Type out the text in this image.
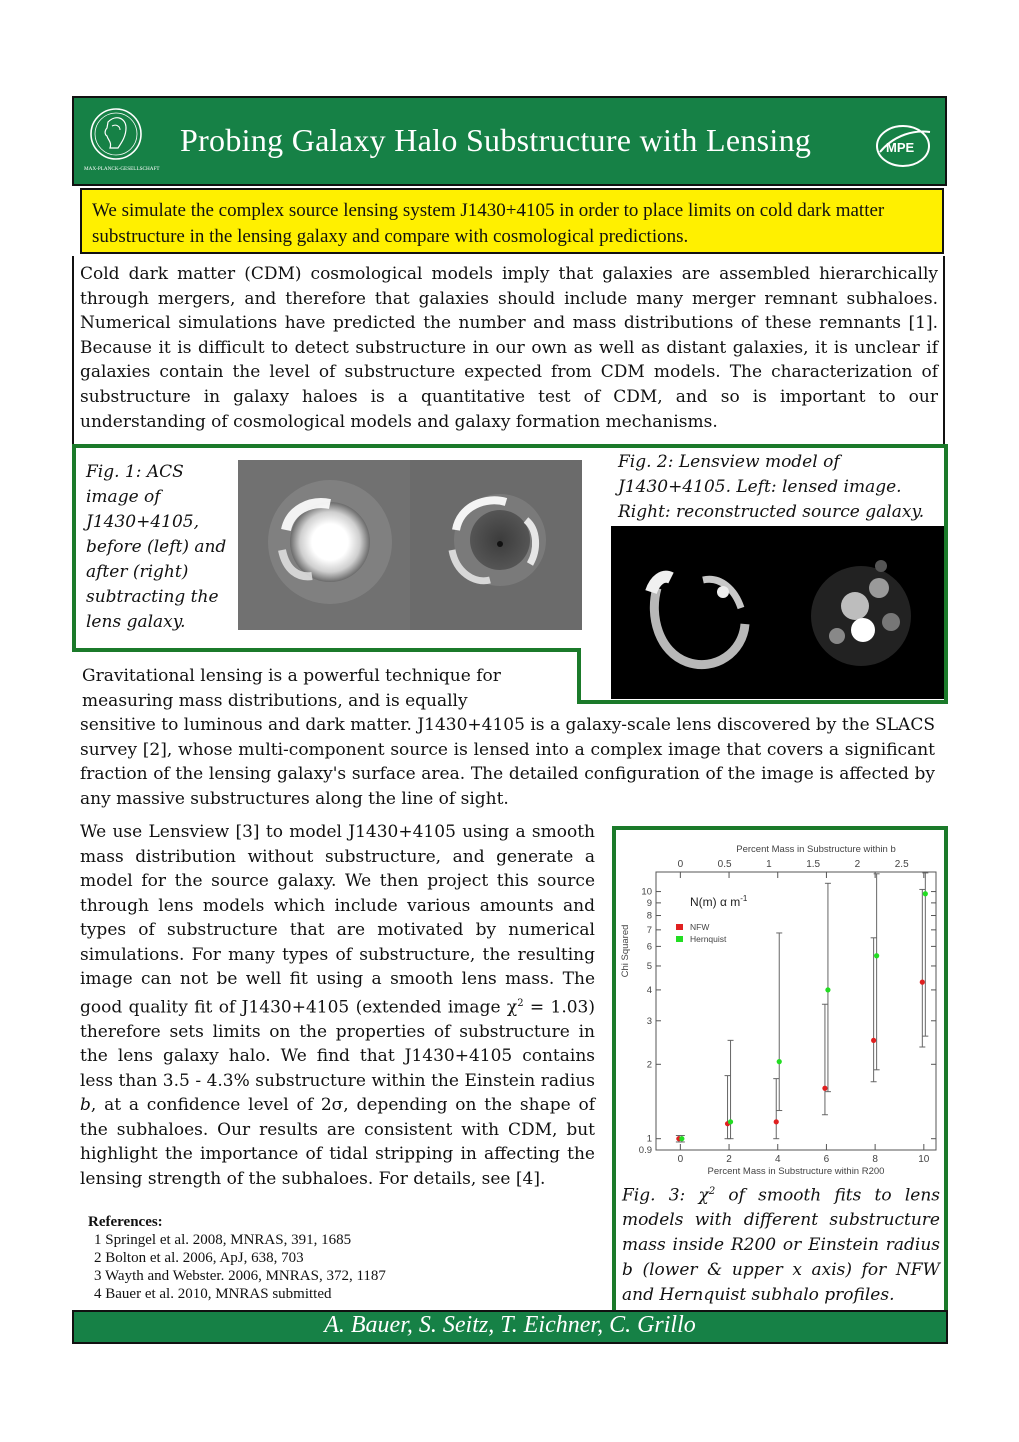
MAX-PLANCK-GESELLSCHAFT
Probing Galaxy Halo Substructure with Lensing	MPE
We simulate the complex source lensing system J1430+4105 in order to place limits on cold dark matter substructure in the lensing galaxy and compare with cosmological predictions.
Cold dark matter (CDM) cosmological models imply that galaxies are assembled hierarchically through mergers, and therefore that galaxies should include many merger remnant subhaloes. Numerical simulations have predicted the number and mass distributions of these remnants [1]. Because it is difficult to detect substructure in our own as well as distant galaxies, it is unclear if galaxies contain the level of substructure expected from CDM models. The characterization of substructure in galaxy haloes is a quantitative test of CDM, and so is important to our understanding of cosmological models and galaxy formation mechanisms.
Fig. 1: ACS image of J1430+4105, before (left) and after (right) subtracting the lens galaxy.
Fig. 2: Lensview model of J1430+4105. Left: lensed image. Right: reconstructed source galaxy.
Gravitational lensing is a powerful technique for
measuring mass distributions, and is equally
sensitive to luminous and dark matter. J1430+4105 is a galaxy-scale lens discovered by the SLACS survey [2], whose multi-component source is lensed into a complex image that covers a significant fraction of the lensing galaxy's surface area. The detailed configuration of the image is affected by any massive substructures along the line of sight.
We use Lensview [3] to model J1430+4105 using a smooth mass distribution without substructure, and generate a model for the source galaxy. We then project this source through lens models which include various amounts and types of substructure that are motivated by numerical simulations. For many types of substructure, the resulting image can not be well fit using a smooth lens mass. The good quality fit of J1430+4105 (extended image $\chi^2 = 1.03$) therefore sets limits on the properties of substructure in the lens galaxy halo. We find that J1430+4105 contains less than 3.5 - 4.3% substructure within the Einstein radius b, at a confidence level of 2σ, depending on the shape of the subhaloes. Our results are consistent with CDM, but highlight the importance of tidal stripping in affecting the lensing strength of the subhaloes. For details, see [4].
0	2	4	6	8	10
Percent Mass in Substructure within R200
0	0.5	1	1.5	2	2.5
Percent Mass in Substructure within b
0.9
1
2
3
4
5
6
7
8
9
10
Chi Squared
N(m) α $m^{-1}$
NFW
Hernquist
Fig. 3: $\chi^2$ of smooth fits to lens models with different substructure mass inside R200 or Einstein radius b (lower & upper x axis) for NFW and Hernquist subhalo profiles.
References:
1 Springel et al. 2008, MNRAS, 391, 1685
2 Bolton et al. 2006, ApJ, 638, 703
3 Wayth and Webster. 2006, MNRAS, 372, 1187
4 Bauer et al. 2010, MNRAS submitted
A. Bauer, S. Seitz, T. Eichner, C. Grillo
